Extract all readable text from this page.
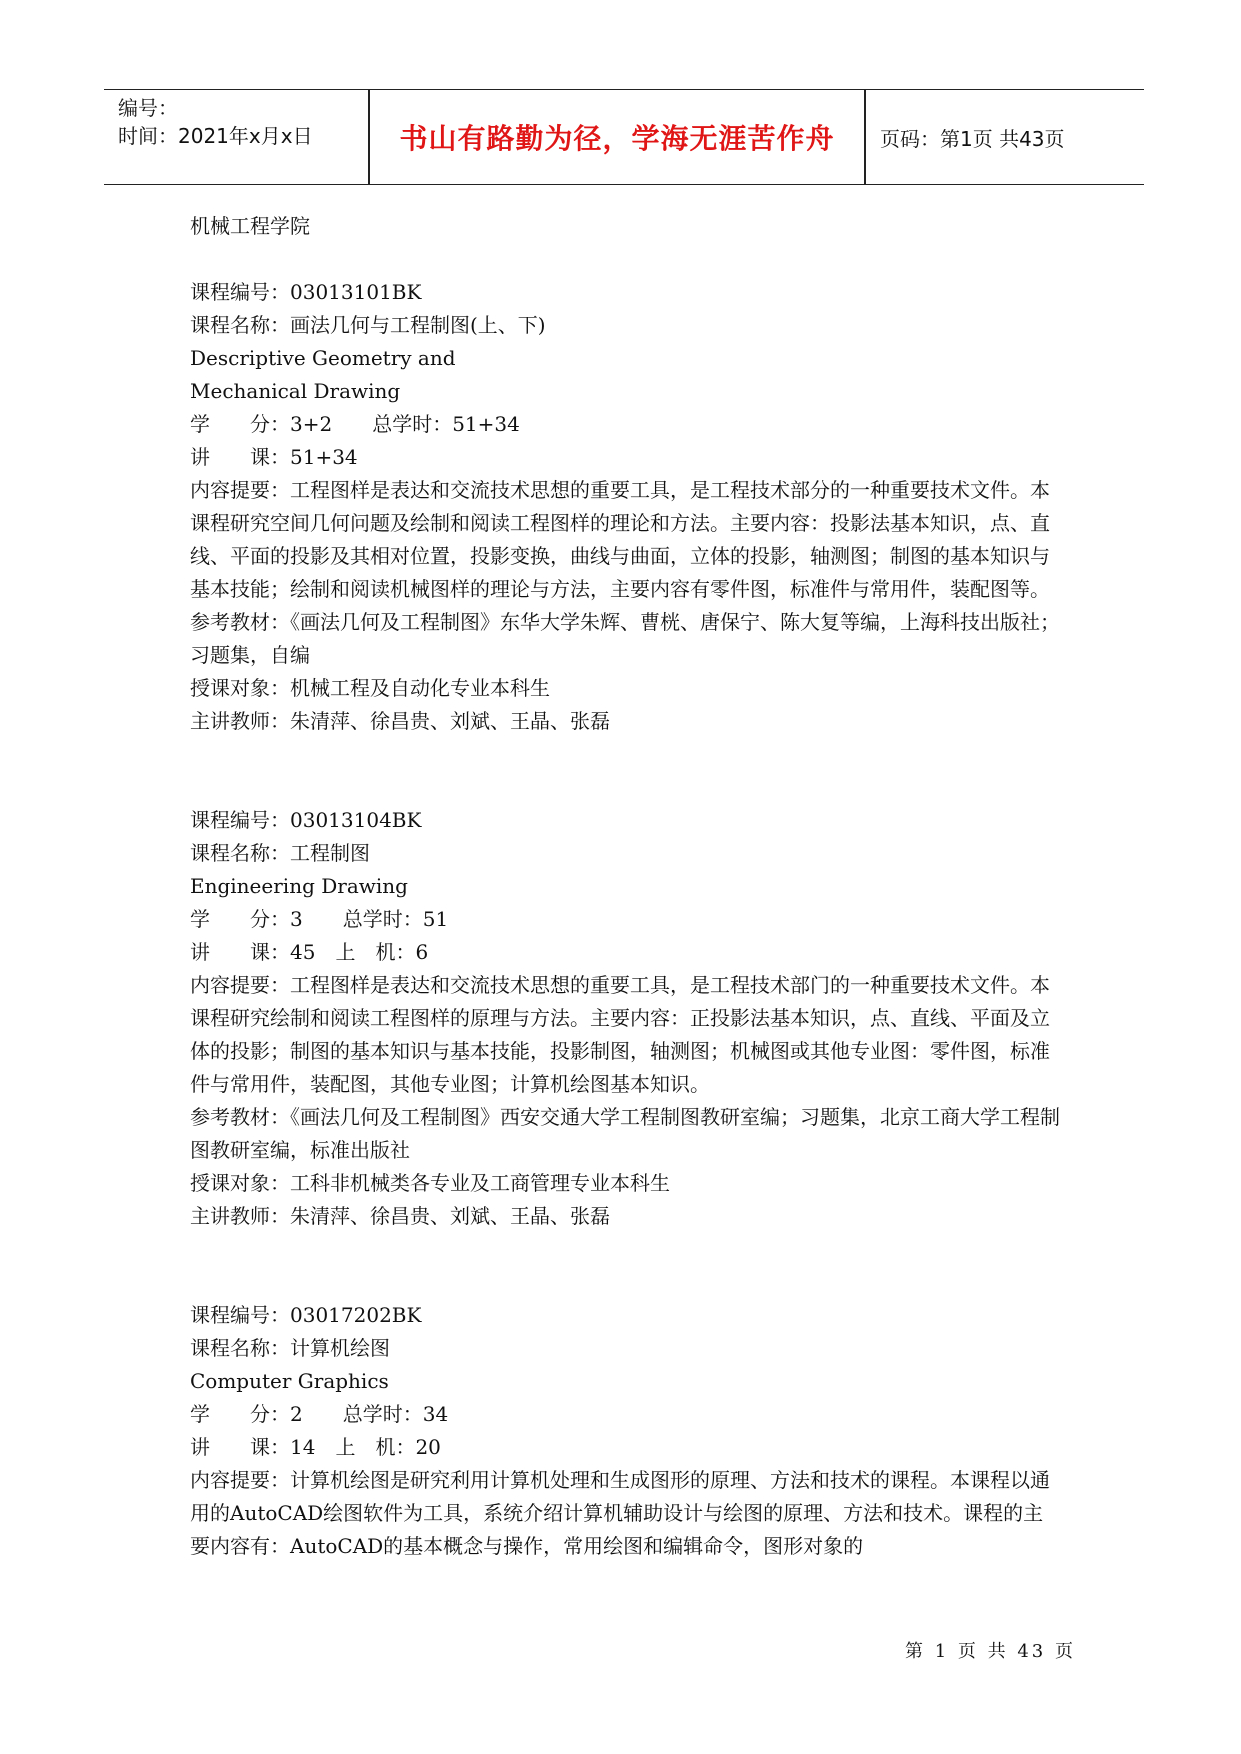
编号：
时间：2021年x月x日	书山有路勤为径，学海无涯苦作舟 页码：第1页 共43页
机械工程学院
课程编号：03013101BK
课程名称：画法几何与工程制图(上、下)
Descriptive Geometry and
Mechanical Drawing
学　　分：3+2　　总学时：51+34
讲　　课：51+34
内容提要：工程图样是表达和交流技术思想的重要工具，是工程技术部分的一种重要技术文件。本课程研究空间几何问题及绘制和阅读工程图样的理论和方法。主要内容：投影法基本知识，点、直线、平面的投影及其相对位置，投影变换，曲线与曲面，立体的投影，轴测图；制图的基本知识与基本技能；绘制和阅读机械图样的理论与方法，主要内容有零件图，标准件与常用件，装配图等。
参考教材：《画法几何及工程制图》东华大学朱辉、曹桄、唐保宁、陈大复等编，上海科技出版社；习题集，自编
授课对象：机械工程及自动化专业本科生
主讲教师：朱清萍、徐昌贵、刘斌、王晶、张磊
课程编号：03013104BK
课程名称：工程制图
Engineering Drawing
学　　分：3　　总学时：51
讲　　课：45　上　机：6
内容提要：工程图样是表达和交流技术思想的重要工具，是工程技术部门的一种重要技术文件。本课程研究绘制和阅读工程图样的原理与方法。主要内容：正投影法基本知识，点、直线、平面及立体的投影；制图的基本知识与基本技能，投影制图，轴测图；机械图或其他专业图：零件图，标准件与常用件，装配图，其他专业图；计算机绘图基本知识。
参考教材：《画法几何及工程制图》西安交通大学工程制图教研室编；习题集，北京工商大学工程制图教研室编，标准出版社
授课对象：工科非机械类各专业及工商管理专业本科生
主讲教师：朱清萍、徐昌贵、刘斌、王晶、张磊
课程编号：03017202BK
课程名称：计算机绘图
Computer Graphics
学　　分：2　　总学时：34
讲　　课：14　上　机：20
内容提要：计算机绘图是研究利用计算机处理和生成图形的原理、方法和技术的课程。本课程以通用的AutoCAD绘图软件为工具，系统介绍计算机辅助设计与绘图的原理、方法和技术。课程的主要内容有：AutoCAD的基本概念与操作，常用绘图和编辑命令，图形对象的
第 1 页 共 43 页
